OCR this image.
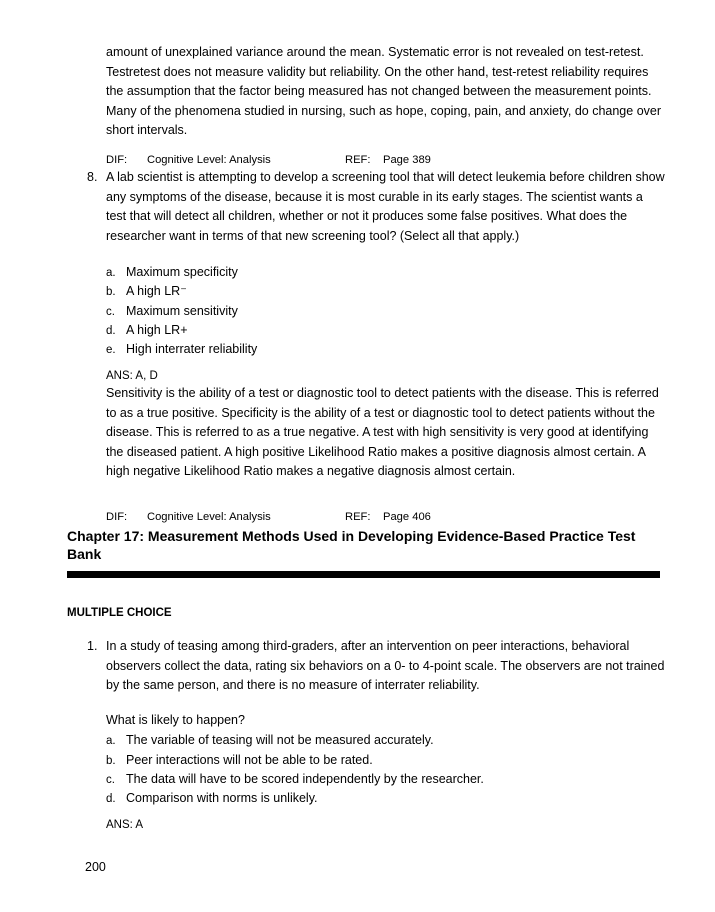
amount of unexplained variance around the mean. Systematic error is not revealed on test-retest. Testretest does not measure validity but reliability. On the other hand, test-retest reliability requires the assumption that the factor being measured has not changed between the measurement points. Many of the phenomena studied in nursing, such as hope, coping, pain, and anxiety, do change over short intervals.

DIF: Cognitive Level: Analysis	REF: Page 389
8. A lab scientist is attempting to develop a screening tool that will detect leukemia before children show any symptoms of the disease, because it is most curable in its early stages. The scientist wants a test that will detect all children, whether or not it produces some false positives. What does the researcher want in terms of that new screening tool? (Select all that apply.)

a. Maximum specificity
b. A high LR⁻
c. Maximum sensitivity
d. A high LR+
e. High interrater reliability
ANS: A, D

Sensitivity is the ability of a test or diagnostic tool to detect patients with the disease. This is referred to as a true positive. Specificity is the ability of a test or diagnostic tool to detect patients without the disease. This is referred to as a true negative. A test with high sensitivity is very good at identifying the diseased patient. A high positive Likelihood Ratio makes a positive diagnosis almost certain. A high negative Likelihood Ratio makes a negative diagnosis almost certain.

DIF: Cognitive Level: Analysis	REF: Page 406
Chapter 17: Measurement Methods Used in Developing Evidence-Based Practice Test Bank
MULTIPLE CHOICE
1. In a study of teasing among third-graders, after an intervention on peer interactions, behavioral observers collect the data, rating six behaviors on a 0- to 4-point scale. The observers are not trained by the same person, and there is no measure of interrater reliability.

What is likely to happen?

a. The variable of teasing will not be measured accurately.
b. Peer interactions will not be able to be rated.
c. The data will have to be scored independently by the researcher.
d. Comparison with norms is unlikely.
ANS: A
200
